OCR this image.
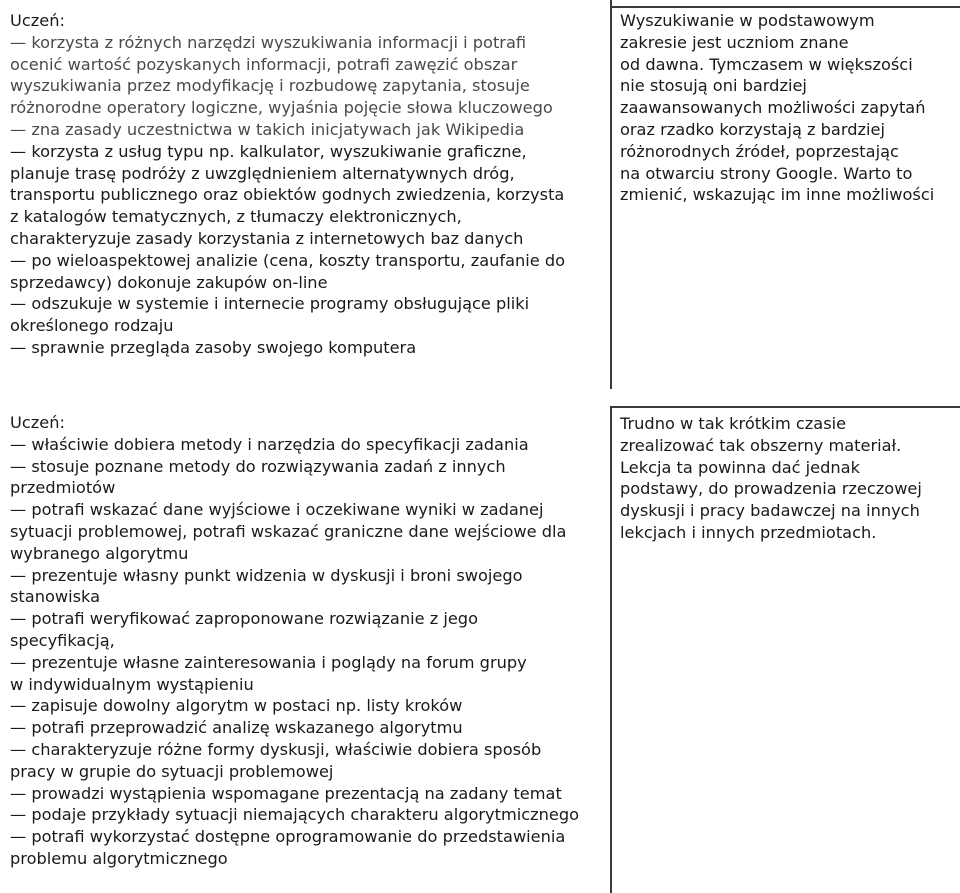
Uczeń:
— korzysta z różnych narzędzi wyszukiwania informacji i potrafi
ocenić wartość pozyskanych informacji, potrafi zawęzić obszar
wyszukiwania przez modyfikację i rozbudowę zapytania, stosuje
różnorodne operatory logiczne, wyjaśnia pojęcie słowa kluczowego
— zna zasady uczestnictwa w takich inicjatywach jak Wikipedia
— korzysta z usług typu np. kalkulator, wyszukiwanie graficzne,
planuje trasę podróży z uwzględnieniem alternatywnych dróg,
transportu publicznego oraz obiektów godnych zwiedzenia, korzysta
z katalogów tematycznych, z tłumaczy elektronicznych,
charakteryzuje zasady korzystania z internetowych baz danych
— po wieloaspektowej analizie (cena, koszty transportu, zaufanie do
sprzedawcy) dokonuje zakupów on-line
— odszukuje w systemie i internecie programy obsługujące pliki
określonego rodzaju
— sprawnie przegląda zasoby swojego komputera
Wyszukiwanie w podstawowym
zakresie jest uczniom znane
od dawna. Tymczasem w większości
nie stosują oni bardziej
zaawansowanych możliwości zapytań
oraz rzadko korzystają z bardziej
różnorodnych źródeł, poprzestając
na otwarciu strony Google. Warto to
zmienić, wskazując im inne możliwości
Uczeń:
— właściwie dobiera metody i narzędzia do specyfikacji zadania
— stosuje poznane metody do rozwiązywania zadań z innych
przedmiotów
— potrafi wskazać dane wyjściowe i oczekiwane wyniki w zadanej
sytuacji problemowej, potrafi wskazać graniczne dane wejściowe dla
wybranego algorytmu
— prezentuje własny punkt widzenia w dyskusji i broni swojego
stanowiska
— potrafi weryfikować zaproponowane rozwiązanie z jego
specyfikacją,
— prezentuje własne zainteresowania i poglądy na forum grupy
w indywidualnym wystąpieniu
— zapisuje dowolny algorytm w postaci np. listy kroków
— potrafi przeprowadzić analizę wskazanego algorytmu
— charakteryzuje różne formy dyskusji, właściwie dobiera sposób
pracy w grupie do sytuacji problemowej
— prowadzi wystąpienia wspomagane prezentacją na zadany temat
— podaje przykłady sytuacji niemających charakteru algorytmicznego
— potrafi wykorzystać dostępne oprogramowanie do przedstawienia
problemu algorytmicznego
Trudno w tak krótkim czasie
zrealizować tak obszerny materiał.
Lekcja ta powinna dać jednak
podstawy, do prowadzenia rzeczowej
dyskusji i pracy badawczej na innych
lekcjach i innych przedmiotach.
